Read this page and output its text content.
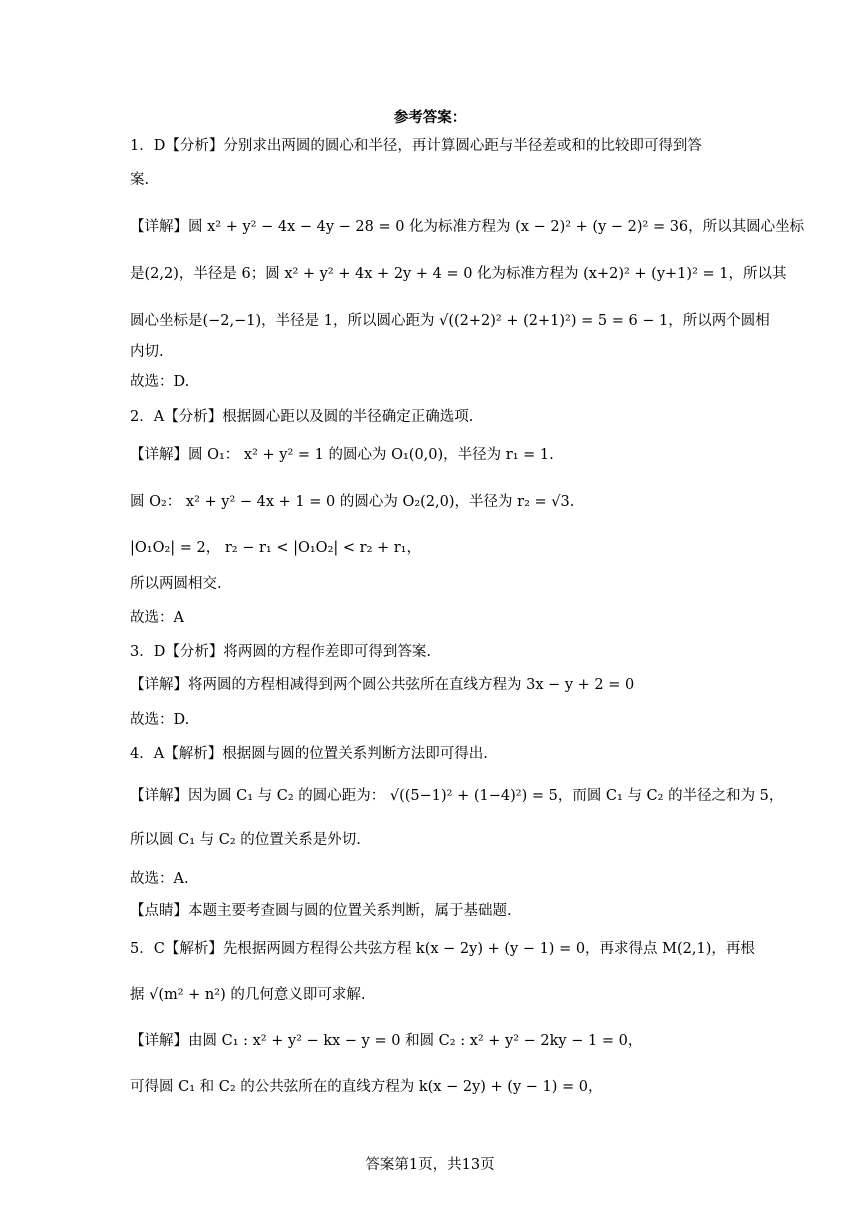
参考答案：
1．D【分析】分别求出两圆的圆心和半径，再计算圆心距与半径差或和的比较即可得到答
案.
【详解】圆 x² + y² − 4x − 4y − 28 = 0 化为标准方程为 (x − 2)² + (y − 2)² = 36，所以其圆心坐标
是(2,2)，半径是 6；圆 x² + y² + 4x + 2y + 4 = 0 化为标准方程为 (x+2)² + (y+1)² = 1，所以其
圆心坐标是(−2,−1)，半径是 1，所以圆心距为 √((2+2)² + (2+1)²) = 5 = 6 − 1，所以两个圆相
内切.
故选：D.
2．A【分析】根据圆心距以及圆的半径确定正确选项.
【详解】圆 O₁： x² + y² = 1 的圆心为 O₁(0,0)，半径为 r₁ = 1.
圆 O₂： x² + y² − 4x + 1 = 0 的圆心为 O₂(2,0)，半径为 r₂ = √3.
|O₁O₂| = 2， r₂ − r₁ < |O₁O₂| < r₂ + r₁，
所以两圆相交.
故选：A
3．D【分析】将两圆的方程作差即可得到答案.
【详解】将两圆的方程相减得到两个圆公共弦所在直线方程为 3x − y + 2 = 0
故选：D.
4．A【解析】根据圆与圆的位置关系判断方法即可得出.
【详解】因为圆 C₁ 与 C₂ 的圆心距为： √((5−1)² + (1−4)²) = 5，而圆 C₁ 与 C₂ 的半径之和为 5，
所以圆 C₁ 与 C₂ 的位置关系是外切.
故选：A.
【点睛】本题主要考查圆与圆的位置关系判断，属于基础题.
5．C【解析】先根据两圆方程得公共弦方程 k(x − 2y) + (y − 1) = 0，再求得点 M(2,1)，再根
据 √(m² + n²) 的几何意义即可求解.
【详解】由圆 C₁ : x² + y² − kx − y = 0 和圆 C₂ : x² + y² − 2ky − 1 = 0，
可得圆 C₁ 和 C₂ 的公共弦所在的直线方程为 k(x − 2y) + (y − 1) = 0，
答案第1页，共13页
